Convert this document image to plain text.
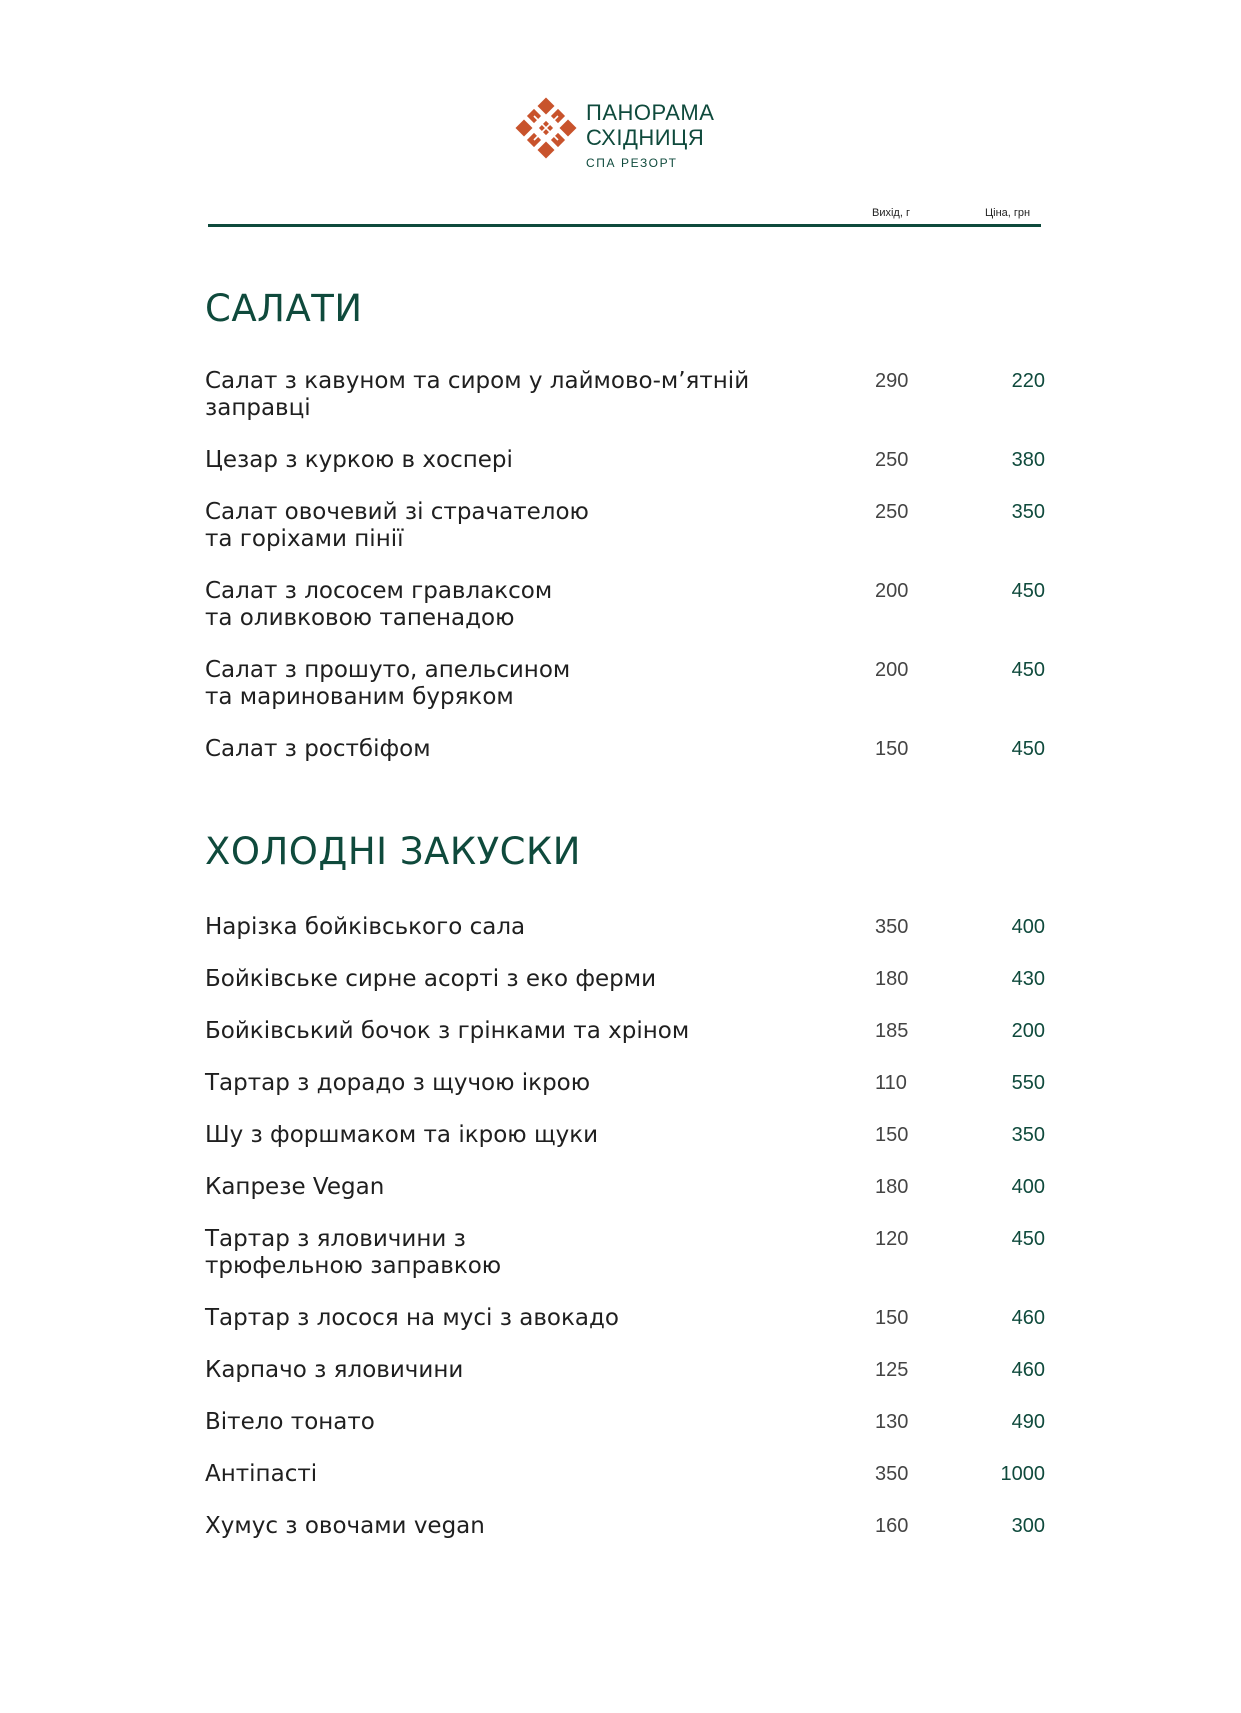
ПАНОРАМА
СХІДНИЦЯ
СПА РЕЗОРТ
Вихід, г	Ціна, грн
САЛАТИ
Салат з кавуном та сиром у лаймово-м’ятній
заправці
290	220
Цезар з куркою в хоспері	250	380
Салат овочевий зі страчателою
та горіхами пінії
250	350
Салат з лососем гравлаксом
та оливковою тапенадою
200	450
Салат з прошуто, апельсином
та маринованим буряком
200	450
Салат з ростбіфом	150	450
ХОЛОДНІ ЗАКУСКИ
Нарізка бойківського сала	350	400
Бойківське сирне асорті з еко ферми	180	430
Бойківський бочок з грінками та хріном	185	200
Тартар з дорадо з щучою ікрою	110	550
Шу з форшмаком та ікрою щуки	150	350
Капрезе Vegan	180	400
Тартар з яловичини з
трюфельною заправкою
120	450
Тартар з лосося на мусі з авокадо	150	460
Карпачо з яловичини	125	460
Вітело тонато	130	490
Антіпасті	350	1000
Хумус з овочами vegan	160	300
